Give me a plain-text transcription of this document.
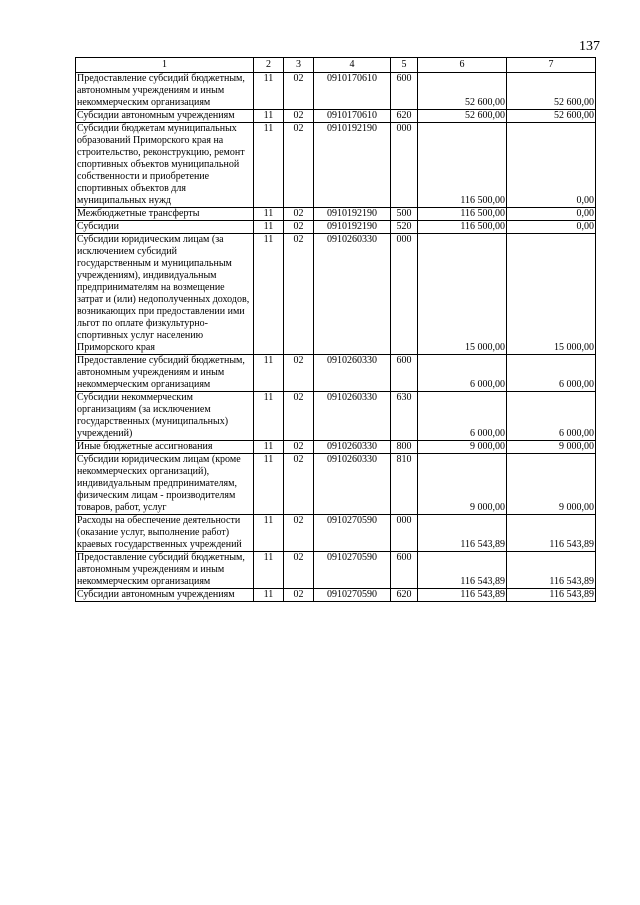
137
1	2	3	4	5	6	7
Предоставление субсидий бюджетным, автономным учреждениям и иным некоммерческим организациям	11	02	0910170610	600	52 600,00	52 600,00
Субсидии автономным учреждениям	11	02	0910170610	620	52 600,00	52 600,00
Субсидии бюджетам муниципальных образований Приморского края на строительство, реконструкцию, ремонт спортивных объектов муниципальной собственности и приобретение спортивных объектов для муниципальных нужд	11	02	0910192190	000	116 500,00	0,00
Межбюджетные трансферты	11	02	0910192190	500	116 500,00	0,00
Субсидии	11	02	0910192190	520	116 500,00	0,00
Субсидии юридическим лицам (за исключением субсидий государственным и муниципальным учреждениям), индивидуальным предпринимателям на возмещение затрат и (или) недополученных доходов, возникающих при предоставлении ими льгот по оплате физкультурно-спортивных услуг населению Приморского края	11	02	0910260330	000	15 000,00	15 000,00
Предоставление субсидий бюджетным, автономным учреждениям и иным некоммерческим организациям	11	02	0910260330	600	6 000,00	6 000,00
Субсидии некоммерческим организациям (за исключением государственных (муниципальных) учреждений)	11	02	0910260330	630	6 000,00	6 000,00
Иные бюджетные ассигнования	11	02	0910260330	800	9 000,00	9 000,00
Субсидии юридическим лицам (кроме некоммерческих организаций), индивидуальным предпринимателям, физическим лицам - производителям товаров, работ, услуг	11	02	0910260330	810	9 000,00	9 000,00
Расходы на обеспечение деятельности (оказание услуг, выполнение работ) краевых государственных учреждений	11	02	0910270590	000	116 543,89	116 543,89
Предоставление субсидий бюджетным, автономным учреждениям и иным некоммерческим организациям	11	02	0910270590	600	116 543,89	116 543,89
Субсидии автономным учреждениям	11	02	0910270590	620	116 543,89	116 543,89
